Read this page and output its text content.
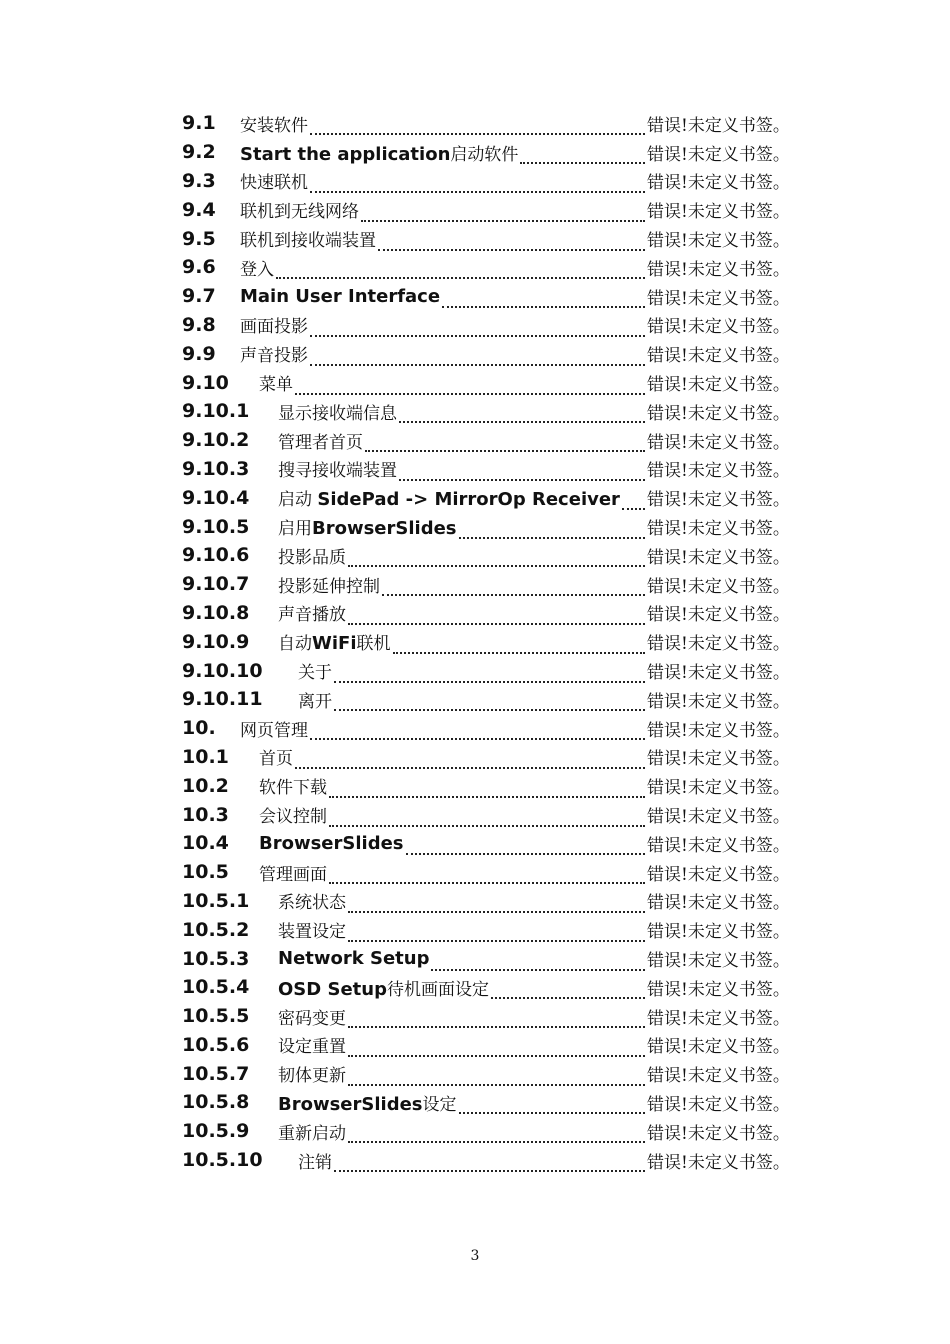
9.1	安装软件	错误!未定义书签。
9.2	Start the application 启动软件	错误!未定义书签。
9.3	快速联机	错误!未定义书签。
9.4	联机到无线网络	错误!未定义书签。
9.5	联机到接收端装置	错误!未定义书签。
9.6	登入	错误!未定义书签。
9.7	Main User Interface	错误!未定义书签。
9.8	画面投影	错误!未定义书签。
9.9	声音投影	错误!未定义书签。
9.10	菜单	错误!未定义书签。
9.10.1	显示接收端信息	错误!未定义书签。
9.10.2	管理者首页	错误!未定义书签。
9.10.3	搜寻接收端装置	错误!未定义书签。
9.10.4	启动 SidePad -> MirrorOp Receiver 错误!未定义书签。
9.10.5	启用 BrowserSlides	错误!未定义书签。
9.10.6	投影品质	错误!未定义书签。
9.10.7	投影延伸控制	错误!未定义书签。
9.10.8	声音播放	错误!未定义书签。
9.10.9	自动 WiFi 联机	错误!未定义书签。
9.10.10	关于	错误!未定义书签。
9.10.11	离开	错误!未定义书签。
10.	网页管理	错误!未定义书签。
10.1	首页	错误!未定义书签。
10.2	软件下载	错误!未定义书签。
10.3	会议控制	错误!未定义书签。
10.4	BrowserSlides	错误!未定义书签。
10.5	管理画面	错误!未定义书签。
10.5.1	系统状态	错误!未定义书签。
10.5.2	装置设定	错误!未定义书签。
10.5.3	Network Setup	错误!未定义书签。
10.5.4	OSD Setup 待机画面设定	错误!未定义书签。
10.5.5	密码变更	错误!未定义书签。
10.5.6	设定重置	错误!未定义书签。
10.5.7	韧体更新	错误!未定义书签。
10.5.8	BrowserSlides 设定	错误!未定义书签。
10.5.9	重新启动	错误!未定义书签。
10.5.10	注销	错误!未定义书签。
3
